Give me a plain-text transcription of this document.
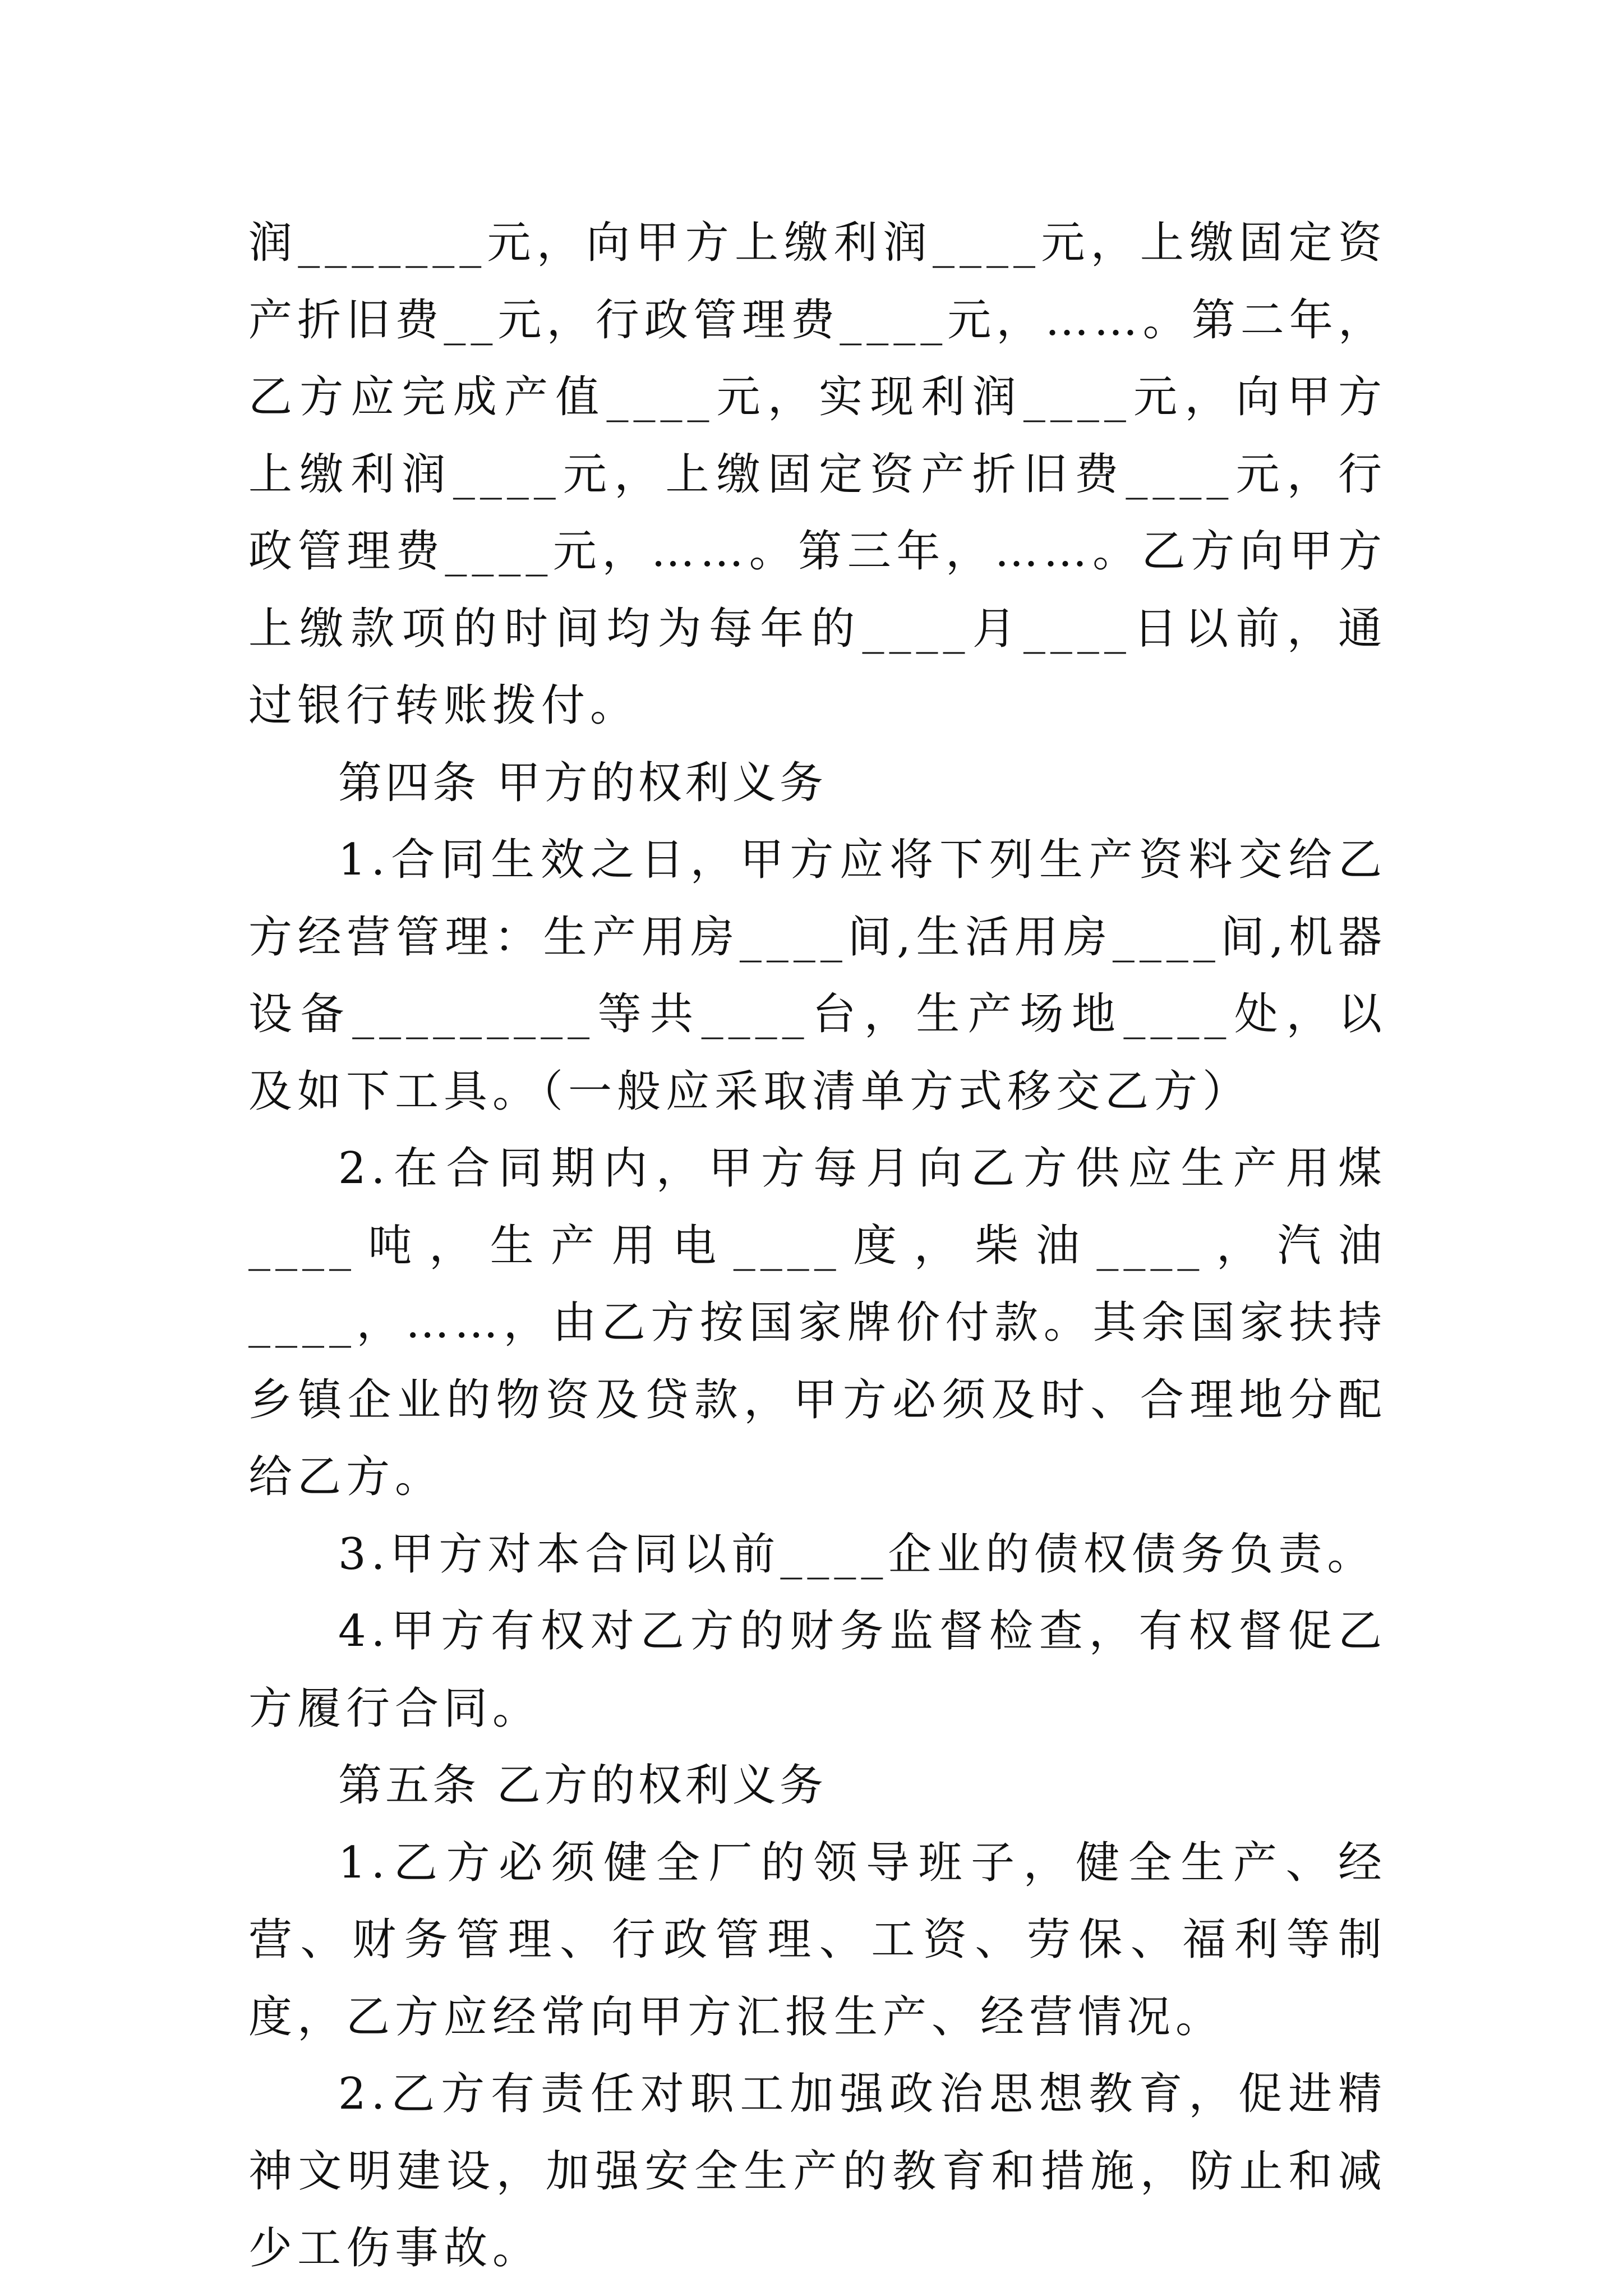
润_______元，向甲方上缴利润____元，上缴固定资产折旧费__元，行政管理费____元，……。第二年，乙方应完成产值____元，实现利润____元，向甲方上缴利润____元，上缴固定资产折旧费____元，行政管理费____元，……。第三年，……。乙方向甲方上缴款项的时间均为每年的____月____日以前，通过银行转账拨付。

第四条 甲方的权利义务

1.合同生效之日，甲方应将下列生产资料交给乙方经营管理：生产用房____间,生活用房____间,机器设备_________等共____台，生产场地____处，以及如下工具。（一般应采取清单方式移交乙方）

2.在合同期内，甲方每月向乙方供应生产用煤____吨，生产用电____度，柴油____，汽油____，……，由乙方按国家牌价付款。其余国家扶持乡镇企业的物资及贷款，甲方必须及时、合理地分配给乙方。

3.甲方对本合同以前____企业的债权债务负责。

4.甲方有权对乙方的财务监督检查，有权督促乙方履行合同。

第五条 乙方的权利义务

1.乙方必须健全厂的领导班子，健全生产、经营、财务管理、行政管理、工资、劳保、福利等制度，乙方应经常向甲方汇报生产、经营情况。

2.乙方有责任对职工加强政治思想教育，促进精神文明建设，加强安全生产的教育和措施，防止和减少工伤事故。
